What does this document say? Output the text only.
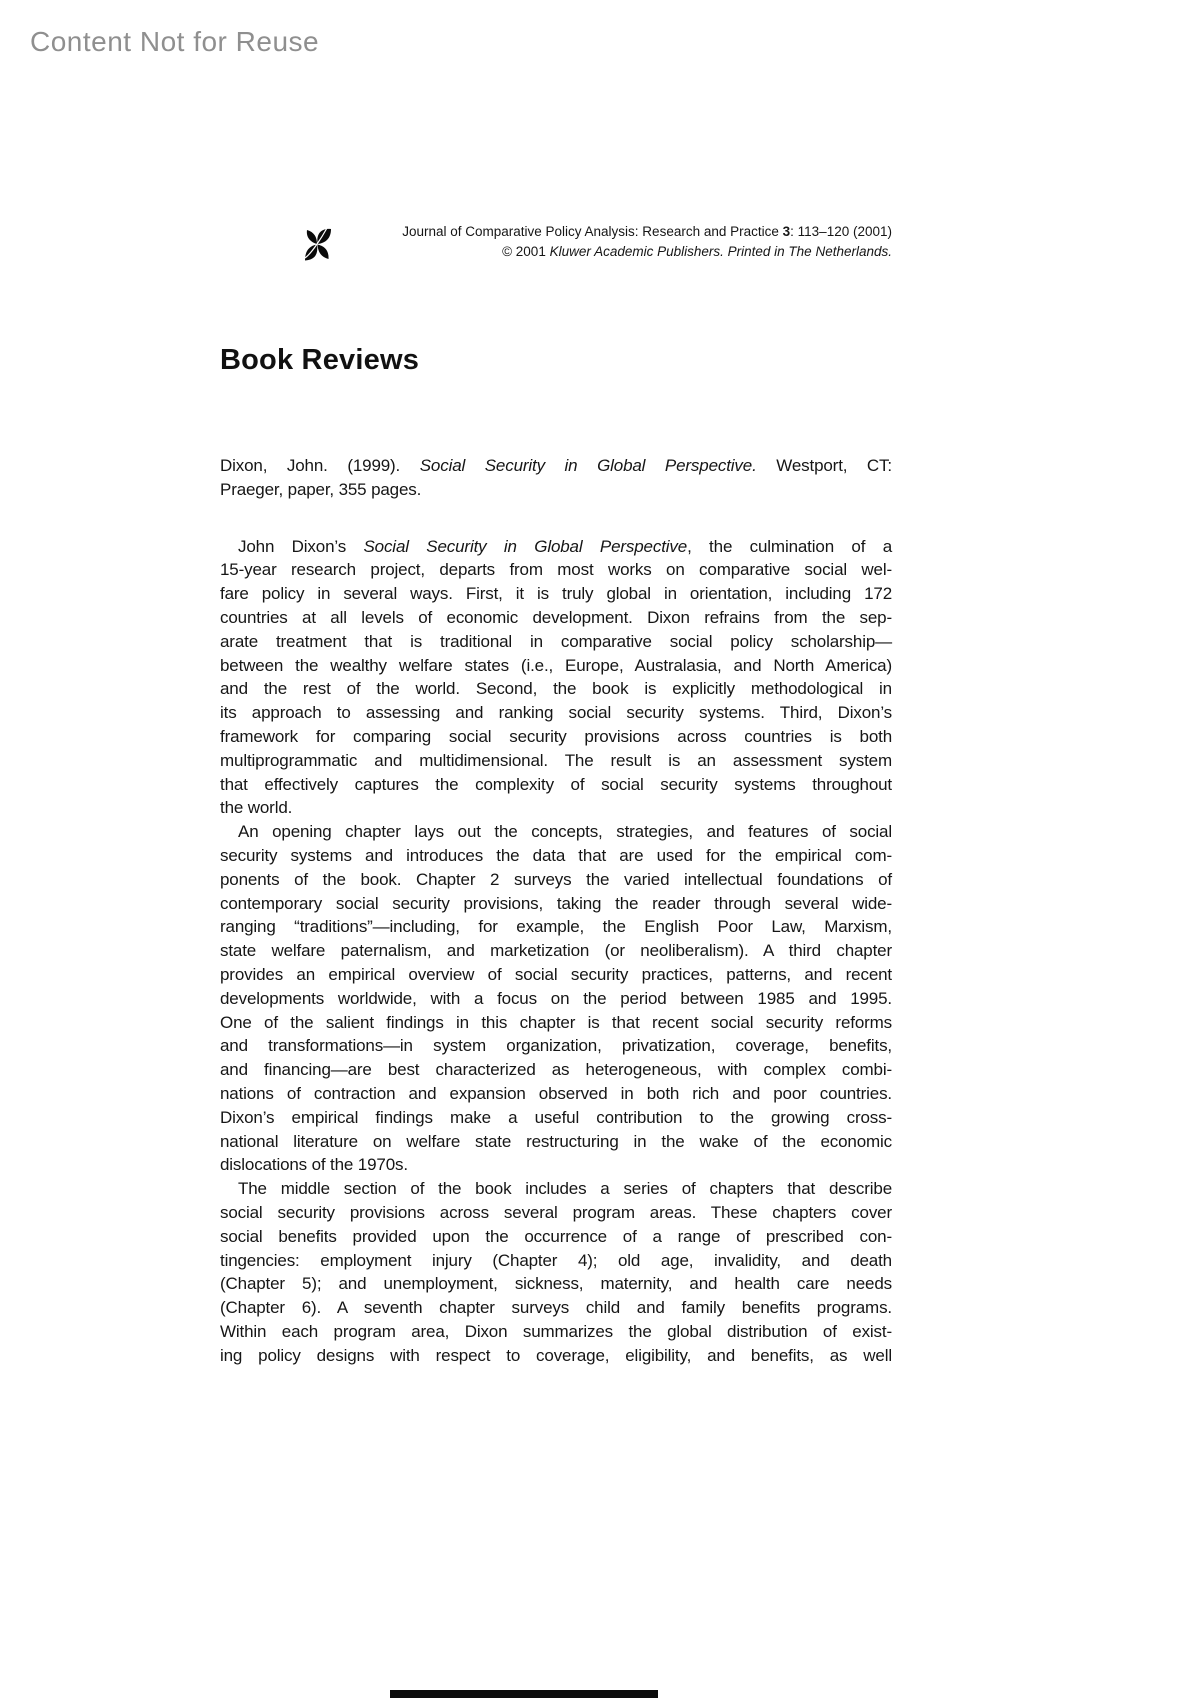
Content Not for Reuse
Journal of Comparative Policy Analysis: Research and Practice 3: 113–120 (2001)
© 2001 Kluwer Academic Publishers. Printed in The Netherlands.
Book Reviews
Dixon, John. (1999). Social Security in Global Perspective. Westport, CT:
Praeger, paper, 355 pages.
John Dixon’s Social Security in Global Perspective, the culmination of a
15-year research project, departs from most works on comparative social wel-
fare policy in several ways. First, it is truly global in orientation, including 172
countries at all levels of economic development. Dixon refrains from the sep-
arate treatment that is traditional in comparative social policy scholarship—
between the wealthy welfare states (i.e., Europe, Australasia, and North America)
and the rest of the world. Second, the book is explicitly methodological in
its approach to assessing and ranking social security systems. Third, Dixon’s
framework for comparing social security provisions across countries is both
multiprogrammatic and multidimensional. The result is an assessment system
that effectively captures the complexity of social security systems throughout
the world.
An opening chapter lays out the concepts, strategies, and features of social
security systems and introduces the data that are used for the empirical com-
ponents of the book. Chapter 2 surveys the varied intellectual foundations of
contemporary social security provisions, taking the reader through several wide-
ranging “traditions”—including, for example, the English Poor Law, Marxism,
state welfare paternalism, and marketization (or neoliberalism). A third chapter
provides an empirical overview of social security practices, patterns, and recent
developments worldwide, with a focus on the period between 1985 and 1995.
One of the salient findings in this chapter is that recent social security reforms
and transformations—in system organization, privatization, coverage, benefits,
and financing—are best characterized as heterogeneous, with complex combi-
nations of contraction and expansion observed in both rich and poor countries.
Dixon’s empirical findings make a useful contribution to the growing cross-
national literature on welfare state restructuring in the wake of the economic
dislocations of the 1970s.
The middle section of the book includes a series of chapters that describe
social security provisions across several program areas. These chapters cover
social benefits provided upon the occurrence of a range of prescribed con-
tingencies: employment injury (Chapter 4); old age, invalidity, and death
(Chapter 5); and unemployment, sickness, maternity, and health care needs
(Chapter 6). A seventh chapter surveys child and family benefits programs.
Within each program area, Dixon summarizes the global distribution of exist-
ing policy designs with respect to coverage, eligibility, and benefits, as well
